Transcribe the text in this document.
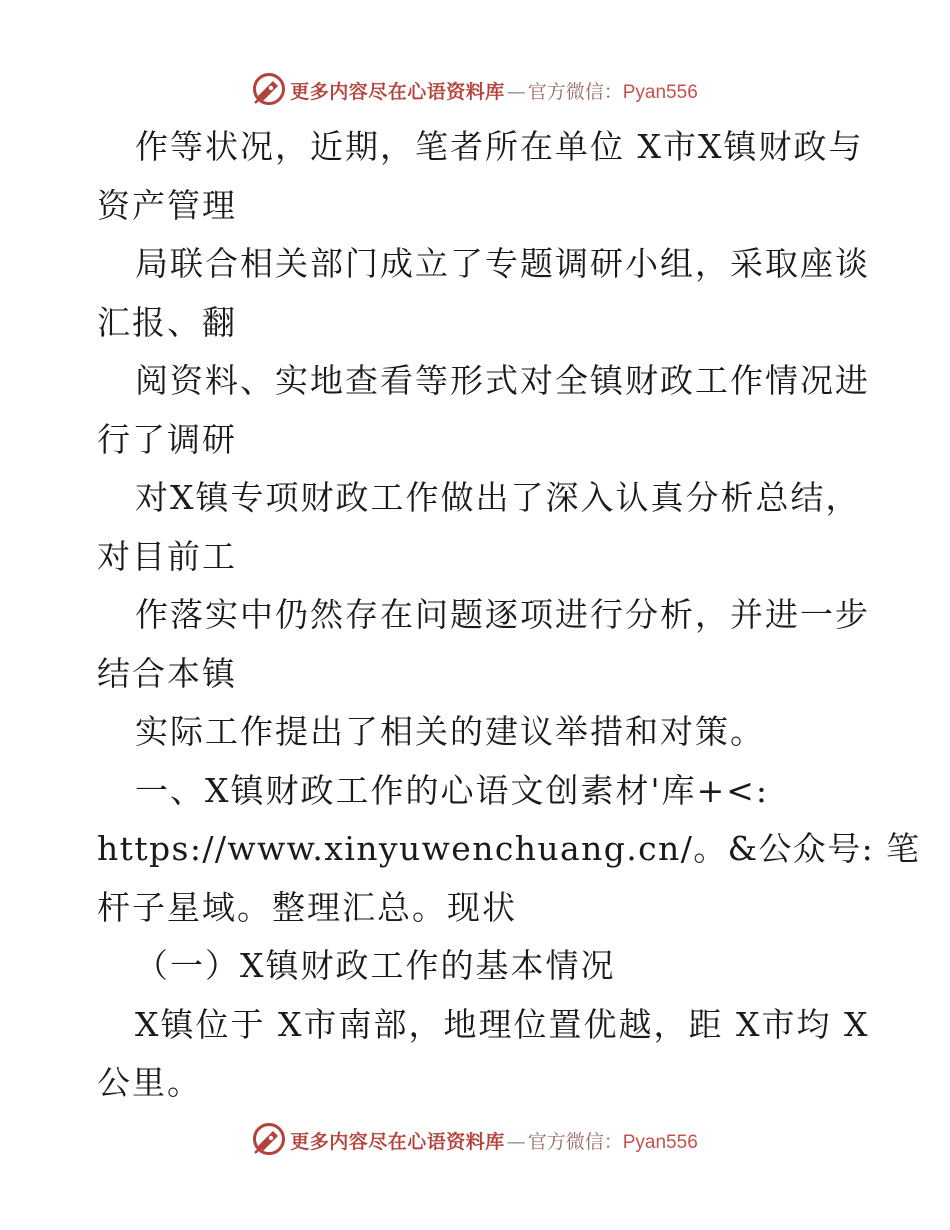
更多内容尽在心语资料库 — 官方微信： Pyan556
作等状况，近期，笔者所在单位 X市X镇财政与
资产管理
局联合相关部门成立了专题调研小组，采取座谈
汇报、翻
阅资料、实地查看等形式对全镇财政工作情况进
行了调研
对X镇专项财政工作做出了深入认真分析总结，
对目前工
作落实中仍然存在问题逐项进行分析，并进一步
结合本镇
实际工作提出了相关的建议举措和对策。
一、X镇财政工作的心语文创素材'库+<:
https://www.xinyuwenchuang.cn/。&公众号: 笔
杆子星域。整理汇总。现状
（一）X镇财政工作的基本情况
X镇位于 X市南部，地理位置优越，距 X市均 X
公里。
更多内容尽在心语资料库 — 官方微信： Pyan556
